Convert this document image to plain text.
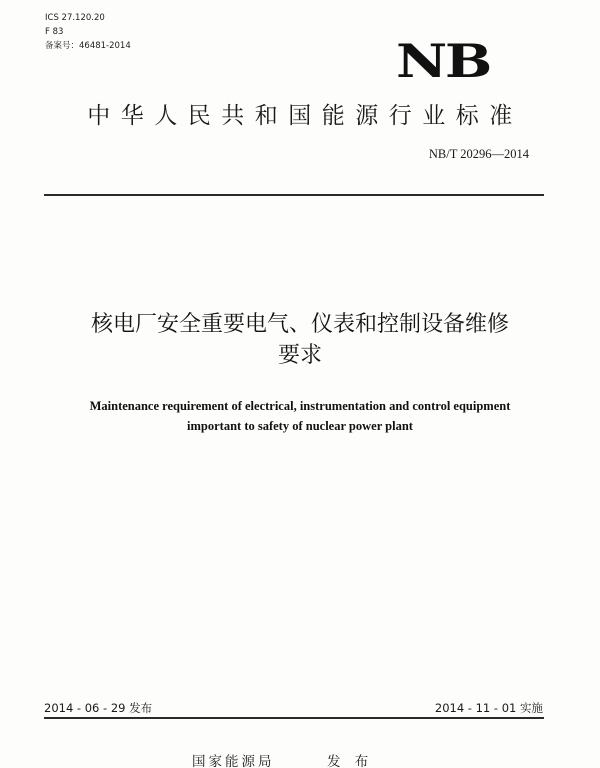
ICS 27.120.20
F 83
备案号：46481-2014	NB
中华人民共和国能源行业标准
NB/T 20296—2014
核电厂安全重要电气、仪表和控制设备维修
要求
Maintenance requirement of electrical, instrumentation and control equipment
important to safety of nuclear power plant
2014 - 06 - 29 发布	2014 - 11 - 01 实施
国家能源局	发 布
